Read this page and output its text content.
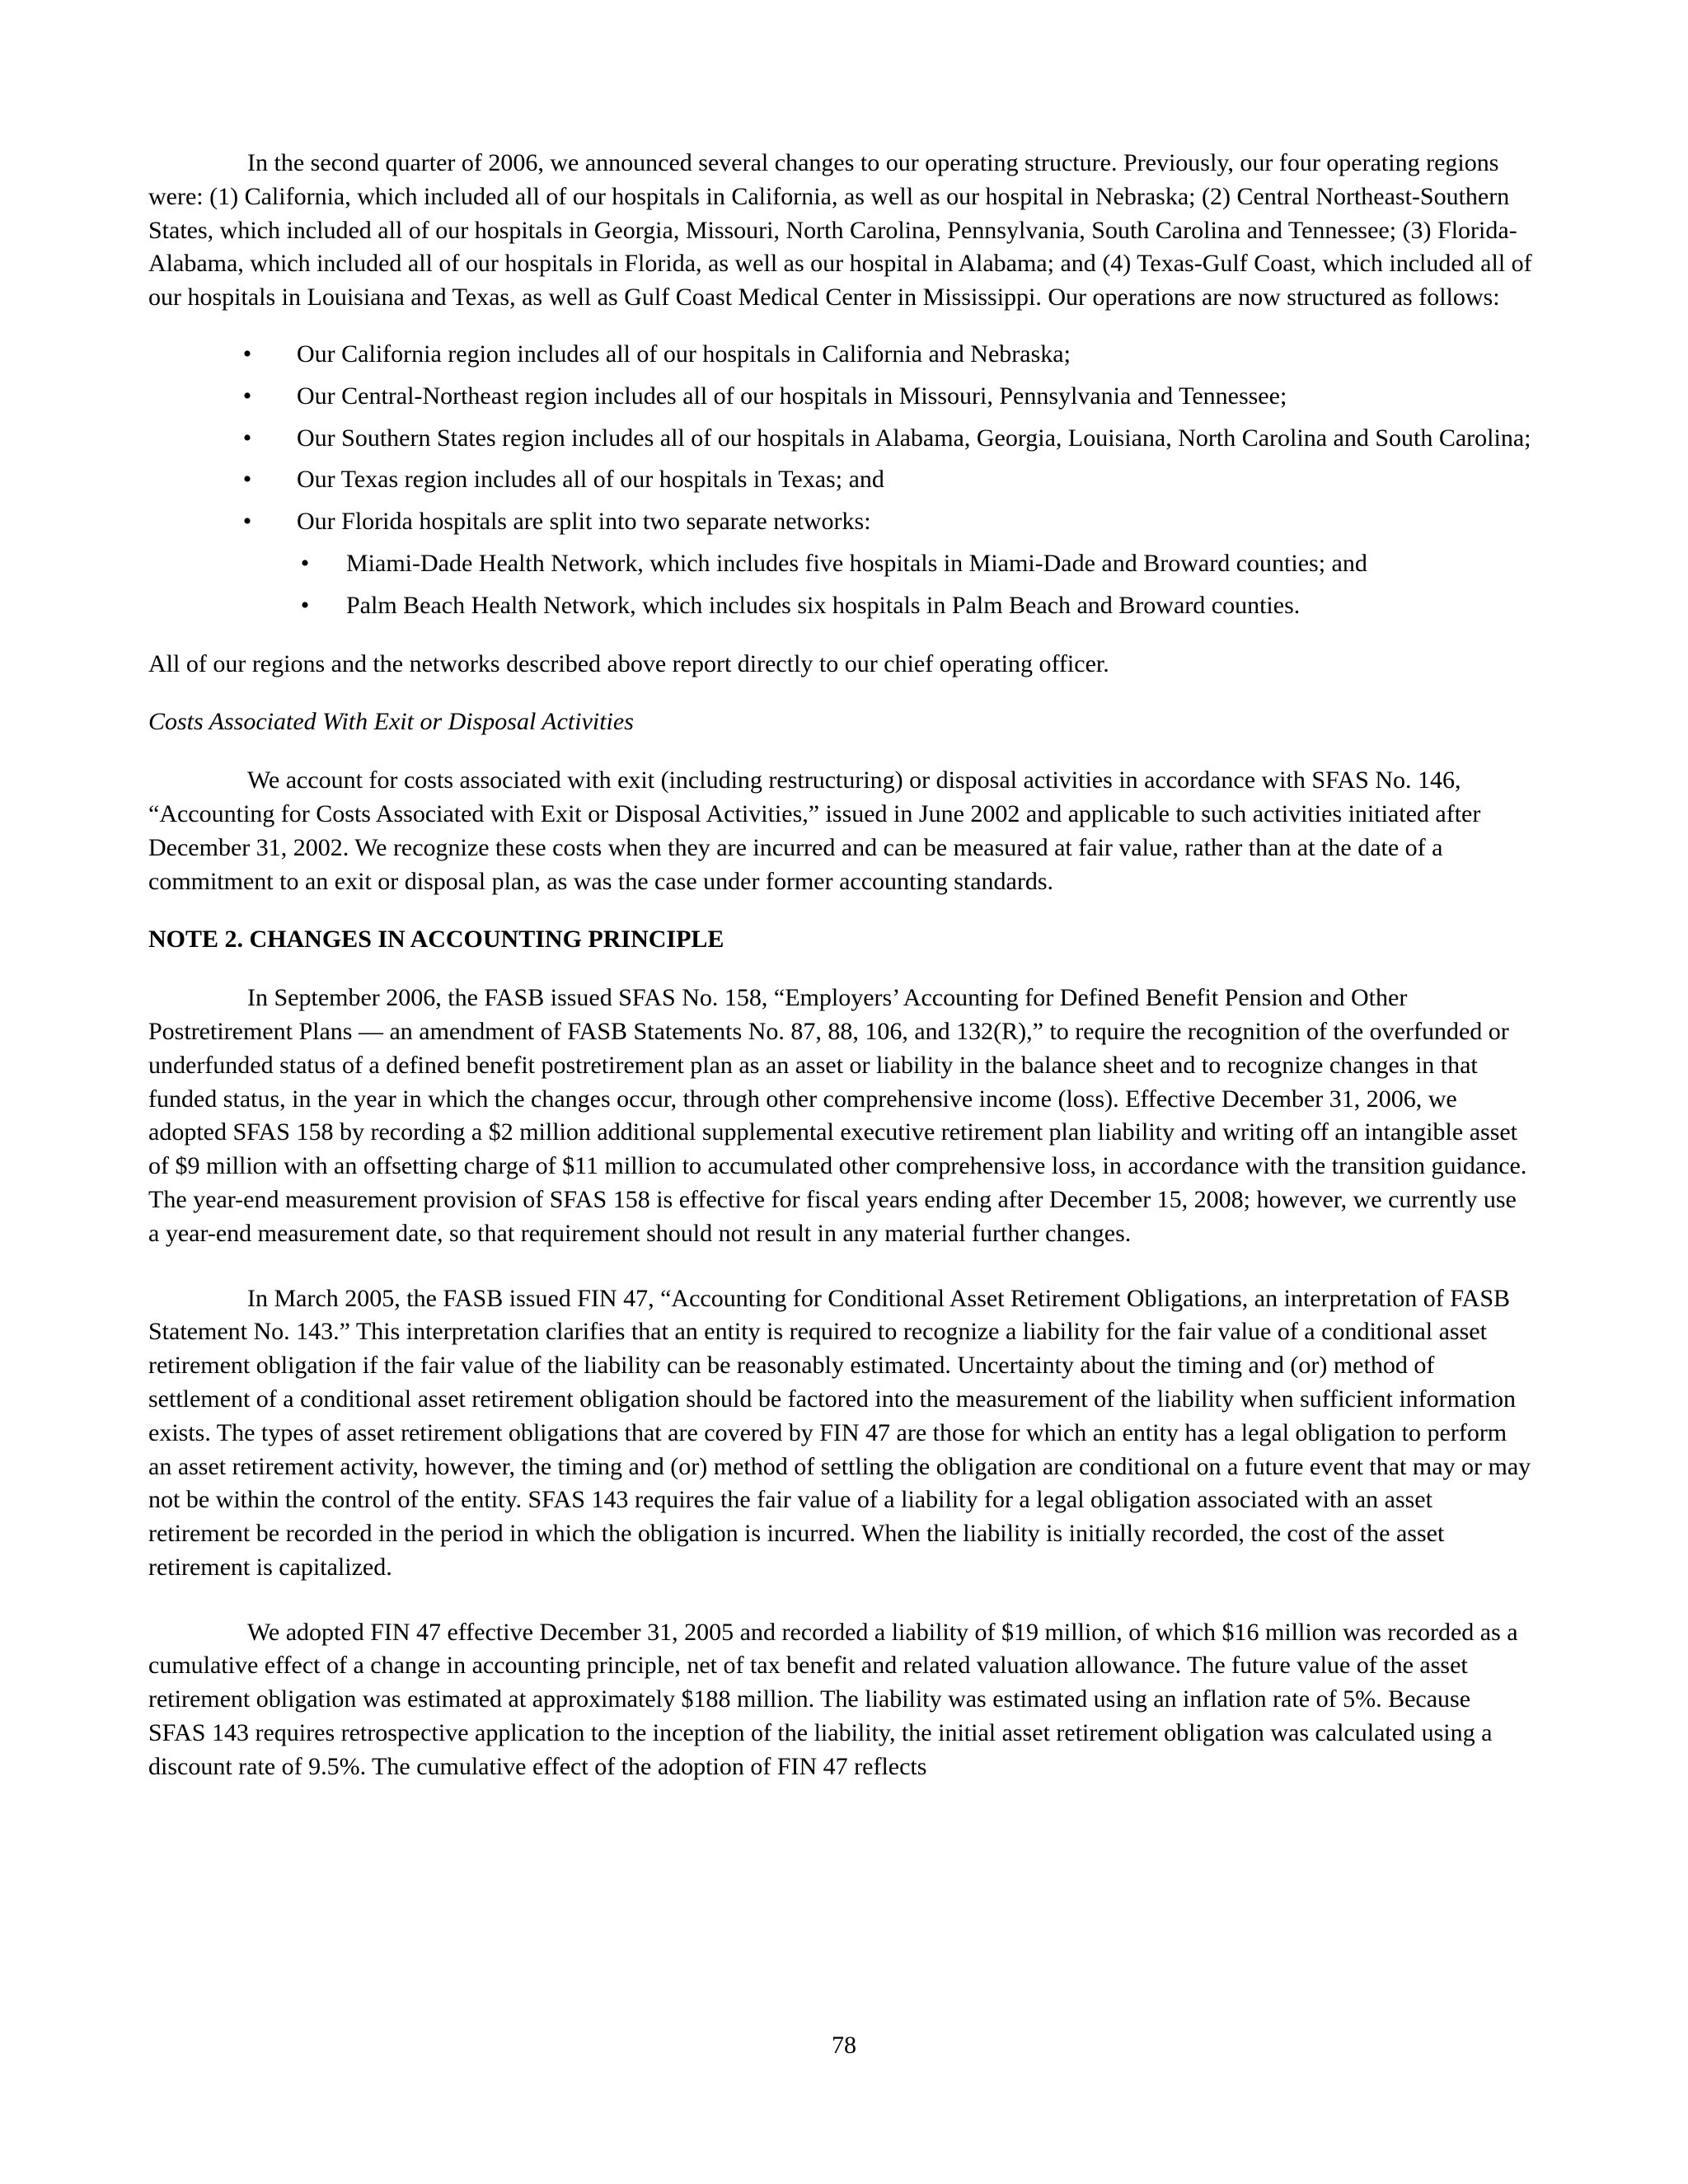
In the second quarter of 2006, we announced several changes to our operating structure. Previously, our four operating regions were: (1) California, which included all of our hospitals in California, as well as our hospital in Nebraska; (2) Central Northeast-Southern States, which included all of our hospitals in Georgia, Missouri, North Carolina, Pennsylvania, South Carolina and Tennessee; (3) Florida-Alabama, which included all of our hospitals in Florida, as well as our hospital in Alabama; and (4) Texas-Gulf Coast, which included all of our hospitals in Louisiana and Texas, as well as Gulf Coast Medical Center in Mississippi. Our operations are now structured as follows:

• Our California region includes all of our hospitals in California and Nebraska;
• Our Central-Northeast region includes all of our hospitals in Missouri, Pennsylvania and Tennessee;
• Our Southern States region includes all of our hospitals in Alabama, Georgia, Louisiana, North Carolina and South Carolina;
• Our Texas region includes all of our hospitals in Texas; and
• Our Florida hospitals are split into two separate networks:
• Miami-Dade Health Network, which includes five hospitals in Miami-Dade and Broward counties; and
• Palm Beach Health Network, which includes six hospitals in Palm Beach and Broward counties.

All of our regions and the networks described above report directly to our chief operating officer.

Costs Associated With Exit or Disposal Activities

We account for costs associated with exit (including restructuring) or disposal activities in accordance with SFAS No. 146, “Accounting for Costs Associated with Exit or Disposal Activities,” issued in June 2002 and applicable to such activities initiated after December 31, 2002. We recognize these costs when they are incurred and can be measured at fair value, rather than at the date of a commitment to an exit or disposal plan, as was the case under former accounting standards.

NOTE 2. CHANGES IN ACCOUNTING PRINCIPLE

In September 2006, the FASB issued SFAS No. 158, “Employers’ Accounting for Defined Benefit Pension and Other Postretirement Plans — an amendment of FASB Statements No. 87, 88, 106, and 132(R),” to require the recognition of the overfunded or underfunded status of a defined benefit postretirement plan as an asset or liability in the balance sheet and to recognize changes in that funded status, in the year in which the changes occur, through other comprehensive income (loss). Effective December 31, 2006, we adopted SFAS 158 by recording a $2 million additional supplemental executive retirement plan liability and writing off an intangible asset of $9 million with an offsetting charge of $11 million to accumulated other comprehensive loss, in accordance with the transition guidance. The year-end measurement provision of SFAS 158 is effective for fiscal years ending after December 15, 2008; however, we currently use a year-end measurement date, so that requirement should not result in any material further changes.

In March 2005, the FASB issued FIN 47, “Accounting for Conditional Asset Retirement Obligations, an interpretation of FASB Statement No. 143.” This interpretation clarifies that an entity is required to recognize a liability for the fair value of a conditional asset retirement obligation if the fair value of the liability can be reasonably estimated. Uncertainty about the timing and (or) method of settlement of a conditional asset retirement obligation should be factored into the measurement of the liability when sufficient information exists. The types of asset retirement obligations that are covered by FIN 47 are those for which an entity has a legal obligation to perform an asset retirement activity, however, the timing and (or) method of settling the obligation are conditional on a future event that may or may not be within the control of the entity. SFAS 143 requires the fair value of a liability for a legal obligation associated with an asset retirement be recorded in the period in which the obligation is incurred. When the liability is initially recorded, the cost of the asset retirement is capitalized.

We adopted FIN 47 effective December 31, 2005 and recorded a liability of $19 million, of which $16 million was recorded as a cumulative effect of a change in accounting principle, net of tax benefit and related valuation allowance. The future value of the asset retirement obligation was estimated at approximately $188 million. The liability was estimated using an inflation rate of 5%. Because SFAS 143 requires retrospective application to the inception of the liability, the initial asset retirement obligation was calculated using a discount rate of 9.5%. The cumulative effect of the adoption of FIN 47 reflects

78
